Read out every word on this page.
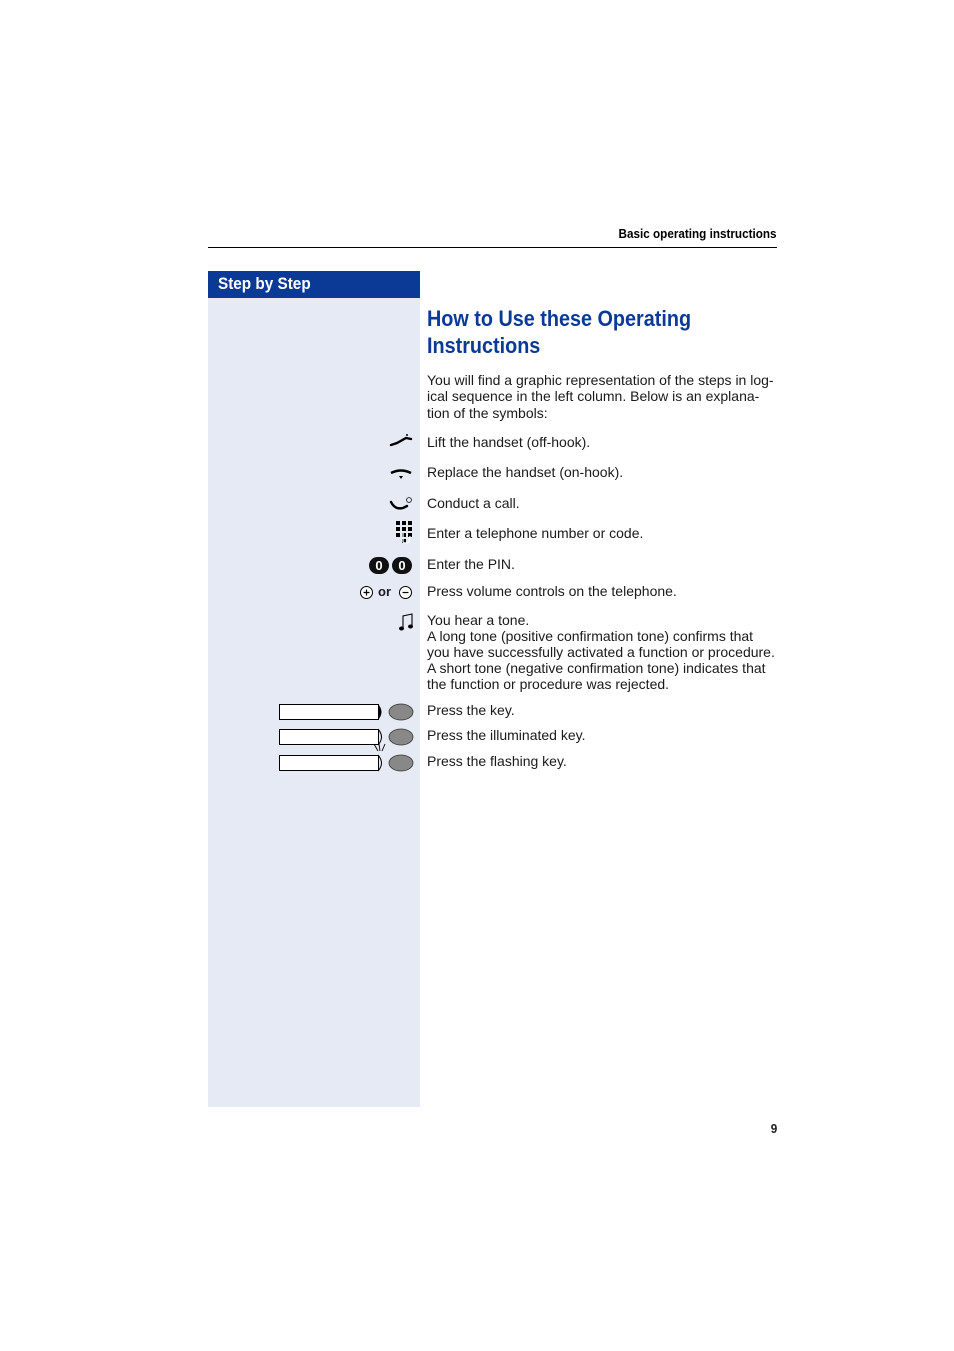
Basic operating instructions
Step by Step
How to Use these Operating Instructions
You will find a graphic representation of the steps in log-ical sequence in the left column. Below is an explana-tion of the symbols:
Lift the handset (off-hook).
Replace the handset (on-hook).
Conduct a call.
Enter a telephone number or code.
0	0	Enter the PIN.
or	Press volume controls on the telephone.
You hear a tone.
A long tone (positive confirmation tone) confirms that
you have successfully activated a function or procedure.
A short tone (negative confirmation tone) indicates that
the function or procedure was rejected.
Press the key.
Press the illuminated key.
Press the flashing key.
9
